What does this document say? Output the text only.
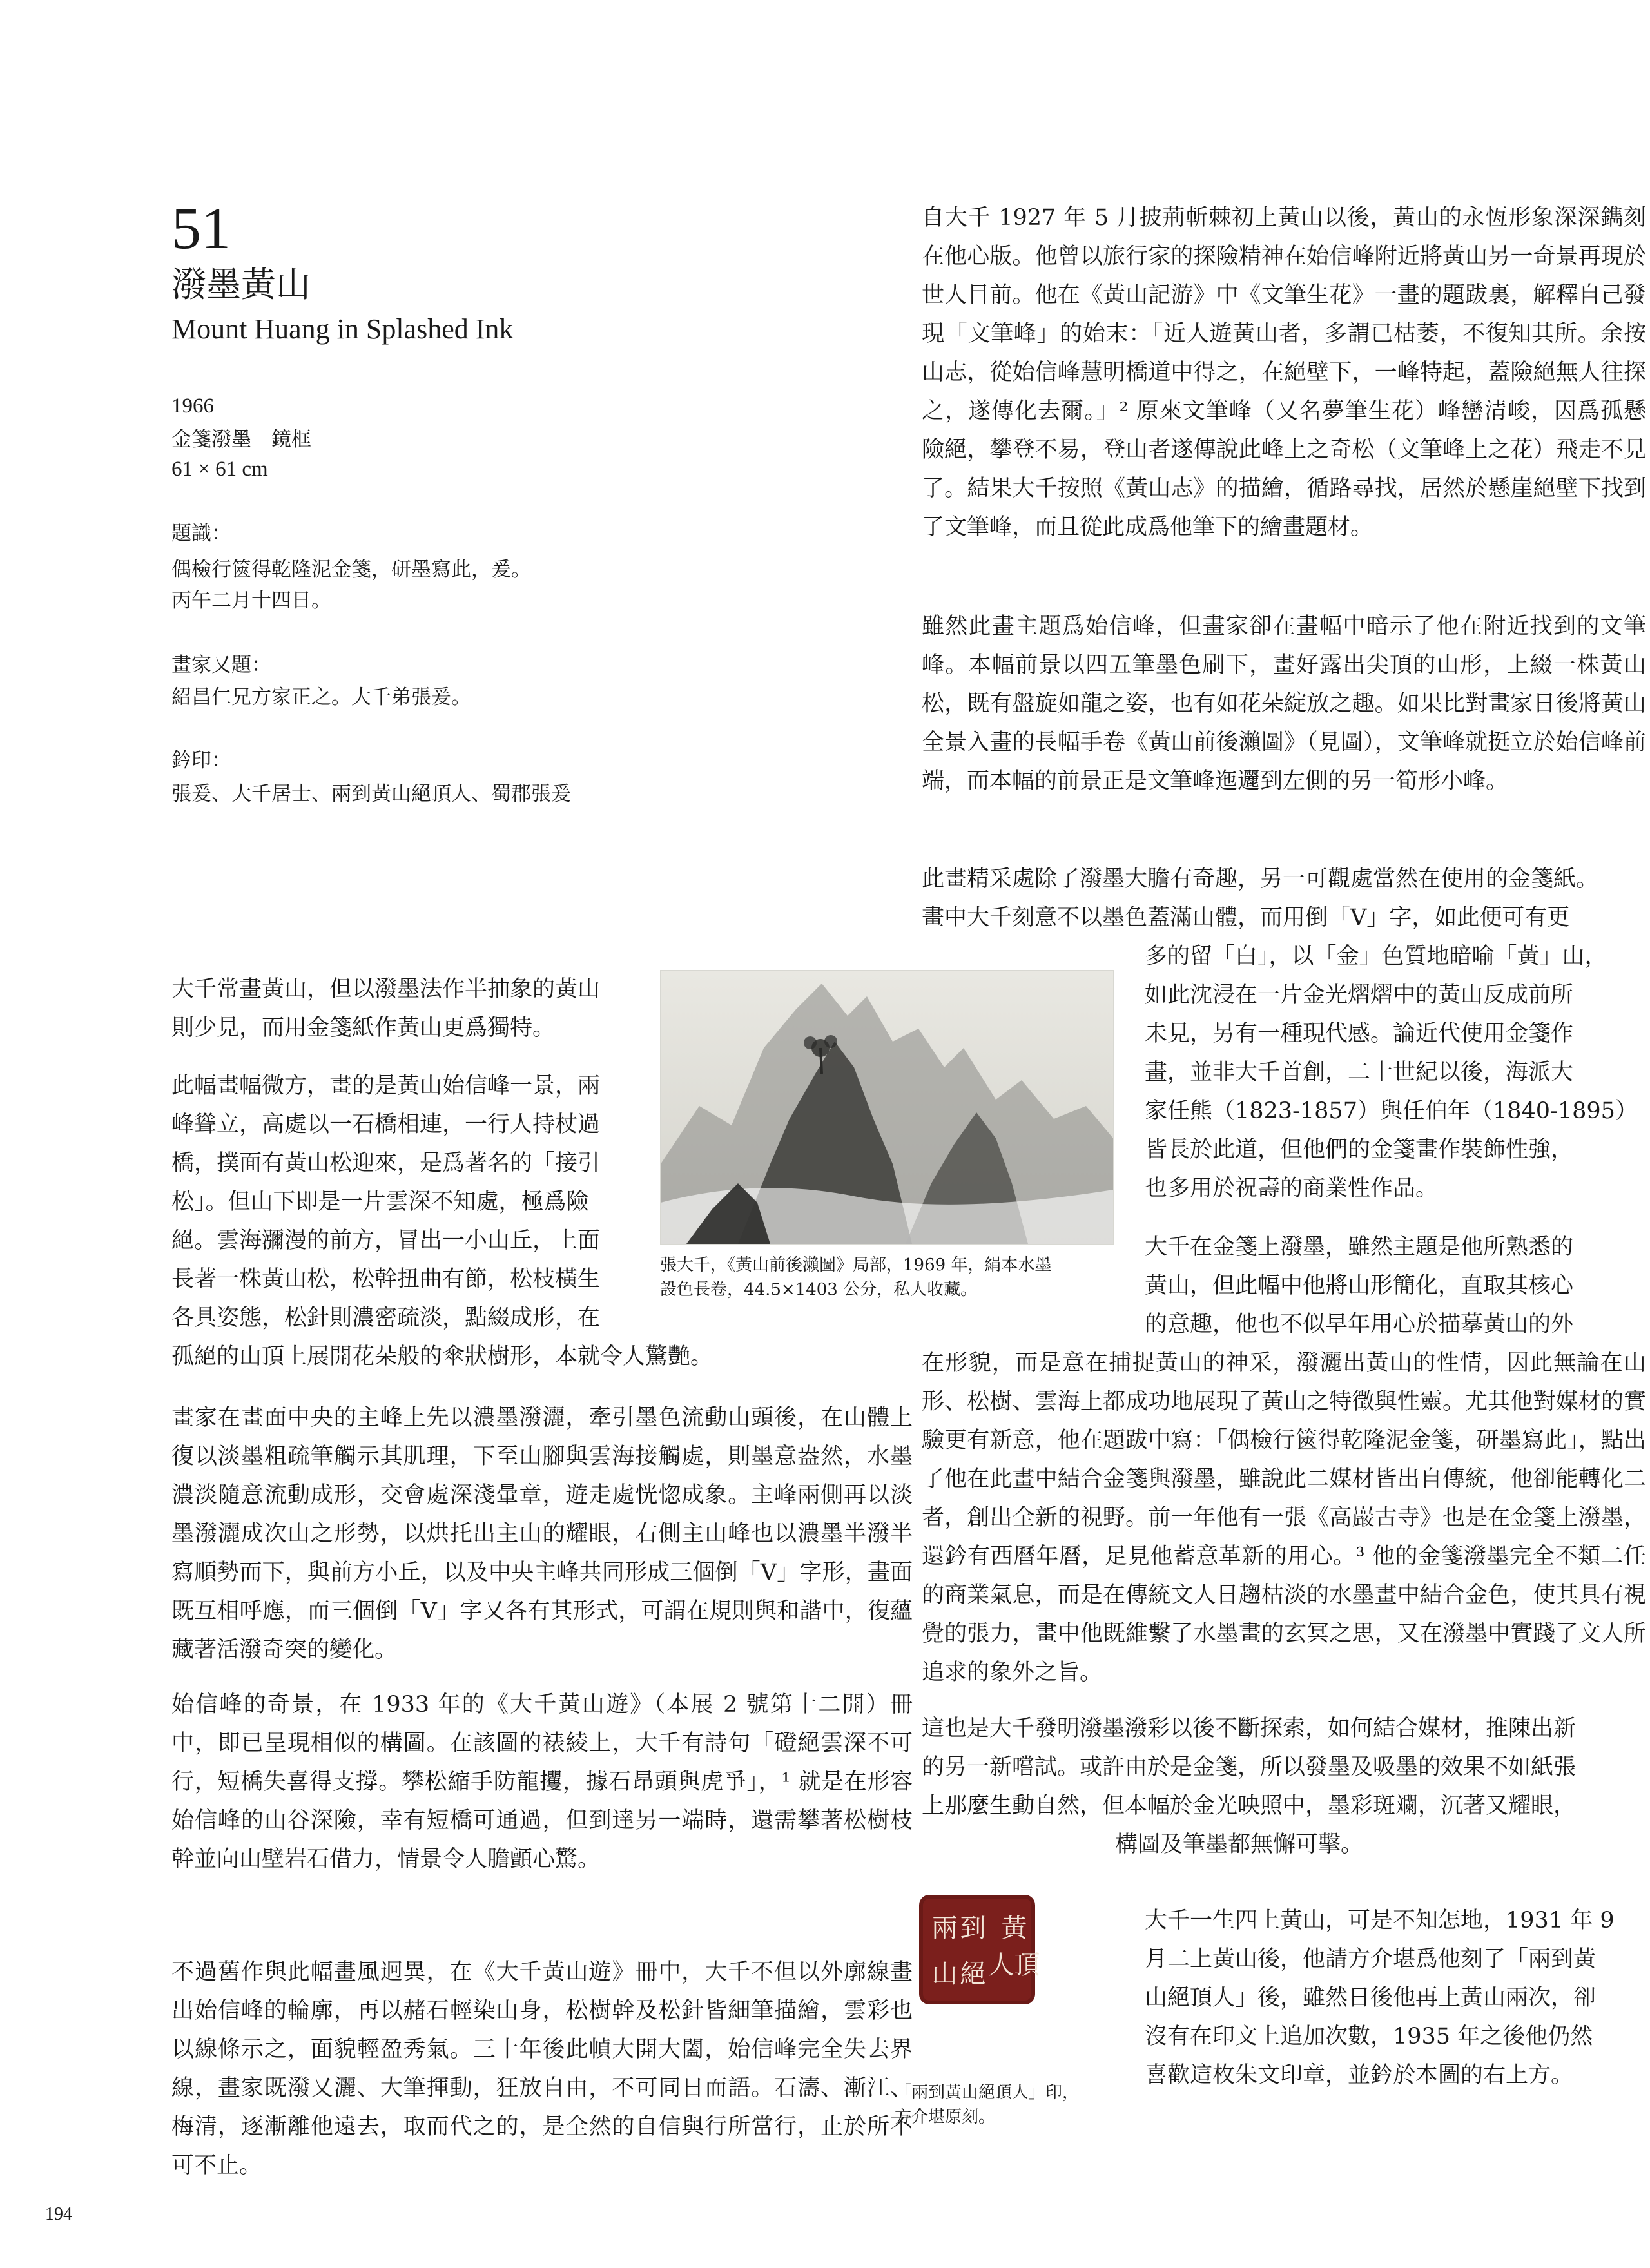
51
潑墨黃山
Mount Huang in Splashed Ink
1966
金箋潑墨　鏡框
61 × 61 cm
題識：
偶檢行篋得乾隆泥金箋，研墨寫此，爰。
丙午二月十四日。
畫家又題：
紹昌仁兄方家正之。大千弟張爰。
鈐印：
張爰、大千居士、兩到黃山絕頂人、蜀郡張爰

大千常畫黃山，但以潑墨法作半抽象的黃山

則少見，而用金箋紙作黃山更爲獨特。

此幅畫幅微方，畫的是黃山始信峰一景，兩

峰聳立，高處以一石橋相連，一行人持杖過

橋，撲面有黃山松迎來，是爲著名的「接引

松」。但山下即是一片雲深不知處，極爲險

絕。雲海瀰漫的前方，冒出一小山丘，上面

長著一株黃山松，松幹扭曲有節，松枝橫生

各具姿態，松針則濃密疏淡，點綴成形，在

孤絕的山頂上展開花朵般的傘狀樹形，本就令人驚艷。

畫家在畫面中央的主峰上先以濃墨潑灑，牽引墨色流動山頭後，在山體上復以淡墨粗疏筆觸示其肌理，下至山腳與雲海接觸處，則墨意盎然，水墨濃淡隨意流動成形，交會處深淺暈章，遊走處恍惚成象。主峰兩側再以淡墨潑灑成次山之形勢，以烘托出主山的耀眼，右側主山峰也以濃墨半潑半寫順勢而下，與前方小丘，以及中央主峰共同形成三個倒「V」字形，畫面既互相呼應，而三個倒「V」字又各有其形式，可謂在規則與和諧中，復蘊藏著活潑奇突的變化。

始信峰的奇景，在 1933 年的《大千黃山遊》（本展 2 號第十二開）冊中，即已呈現相似的構圖。在該圖的裱綾上，大千有詩句「磴絕雲深不可行，短橋失喜得支撐。攀松縮手防龍攫，據石昂頭與虎爭」，¹ 就是在形容始信峰的山谷深險，幸有短橋可通過，但到達另一端時，還需攀著松樹枝幹並向山壁岩石借力，情景令人膽顫心驚。

不過舊作與此幅畫風迥異，在《大千黃山遊》冊中，大千不但以外廓線畫出始信峰的輪廓，再以赭石輕染山身，松樹幹及松針皆細筆描繪，雲彩也以線條示之，面貌輕盈秀氣。三十年後此幀大開大闔，始信峰完全失去界線，畫家既潑又灑、大筆揮動，狂放自由，不可同日而語。石濤、漸江、梅清，逐漸離他遠去，取而代之的，是全然的自信與行所當行，止於所不可不止。

張大千，《黃山前後瀨圖》局部，1969 年，絹本水墨

設色長卷，44.5×1403 公分，私人收藏。

自大千 1927 年 5 月披荊斬棘初上黃山以後，黃山的永恆形象深深鐫刻在他心版。他曾以旅行家的探險精神在始信峰附近將黃山另一奇景再現於世人目前。他在《黃山記游》中《文筆生花》一畫的題跋裏，解釋自己發現「文筆峰」的始末：「近人遊黃山者，多謂已枯萎，不復知其所。余按山志，從始信峰慧明橋道中得之，在絕壁下，一峰特起，蓋險絕無人往探之，遂傳化去爾。」² 原來文筆峰（又名夢筆生花）峰巒清峻，因爲孤懸險絕，攀登不易，登山者遂傳說此峰上之奇松（文筆峰上之花）飛走不見了。結果大千按照《黃山志》的描繪，循路尋找，居然於懸崖絕壁下找到了文筆峰，而且從此成爲他筆下的繪畫題材。

雖然此畫主題爲始信峰，但畫家卻在畫幅中暗示了他在附近找到的文筆峰。本幅前景以四五筆墨色刷下，畫好露出尖頂的山形，上綴一株黃山松，既有盤旋如龍之姿，也有如花朵綻放之趣。如果比對畫家日後將黃山全景入畫的長幅手卷《黃山前後瀨圖》（見圖），文筆峰就挺立於始信峰前端，而本幅的前景正是文筆峰迤邐到左側的另一筍形小峰。

此畫精采處除了潑墨大膽有奇趣，另一可觀處當然在使用的金箋紙。

畫中大千刻意不以墨色蓋滿山體，而用倒「V」字，如此便可有更

多的留「白」，以「金」色質地暗喻「黃」山，

如此沈浸在一片金光熠熠中的黃山反成前所

未見，另有一種現代感。論近代使用金箋作

畫，並非大千首創，二十世紀以後，海派大

家任熊（1823-1857）與任伯年（1840-1895）

皆長於此道，但他們的金箋畫作裝飾性強，

也多用於祝壽的商業性作品。

大千在金箋上潑墨，雖然主題是他所熟悉的

黃山，但此幅中他將山形簡化，直取其核心

的意趣，他也不似早年用心於描摹黃山的外

在形貌，而是意在捕捉黃山的神采，潑灑出黃山的性情，因此無論在山形、松樹、雲海上都成功地展現了黃山之特徵與性靈。尤其他對媒材的實驗更有新意，他在題跋中寫：「偶檢行篋得乾隆泥金箋，研墨寫此」，點出了他在此畫中結合金箋與潑墨，雖說此二媒材皆出自傳統，他卻能轉化二者，創出全新的視野。前一年他有一張《高巖古寺》也是在金箋上潑墨，還鈐有西曆年曆，足見他蓄意革新的用心。³ 他的金箋潑墨完全不類二任的商業氣息，而是在傳統文人日趨枯淡的水墨畫中結合金色，使其具有視覺的張力，畫中他既維繫了水墨畫的玄冥之思，又在潑墨中實踐了文人所追求的象外之旨。

這也是大千發明潑墨潑彩以後不斷探索，如何結合媒材，推陳出新

的另一新嚐試。或許由於是金箋，所以發墨及吸墨的效果不如紙張

上那麼生動自然，但本幅於金光映照中，墨彩斑斕，沉著又耀眼，

構圖及筆墨都無懈可擊。

兩
到 黃
山
絕 頂人

「兩到黃山絕頂人」印，

方介堪原刻。

大千一生四上黃山，可是不知怎地，1931 年 9

月二上黃山後，他請方介堪爲他刻了「兩到黃

山絕頂人」後，雖然日後他再上黃山兩次，卻

沒有在印文上追加次數，1935 年之後他仍然

喜歡這枚朱文印章，並鈐於本圖的右上方。

194
